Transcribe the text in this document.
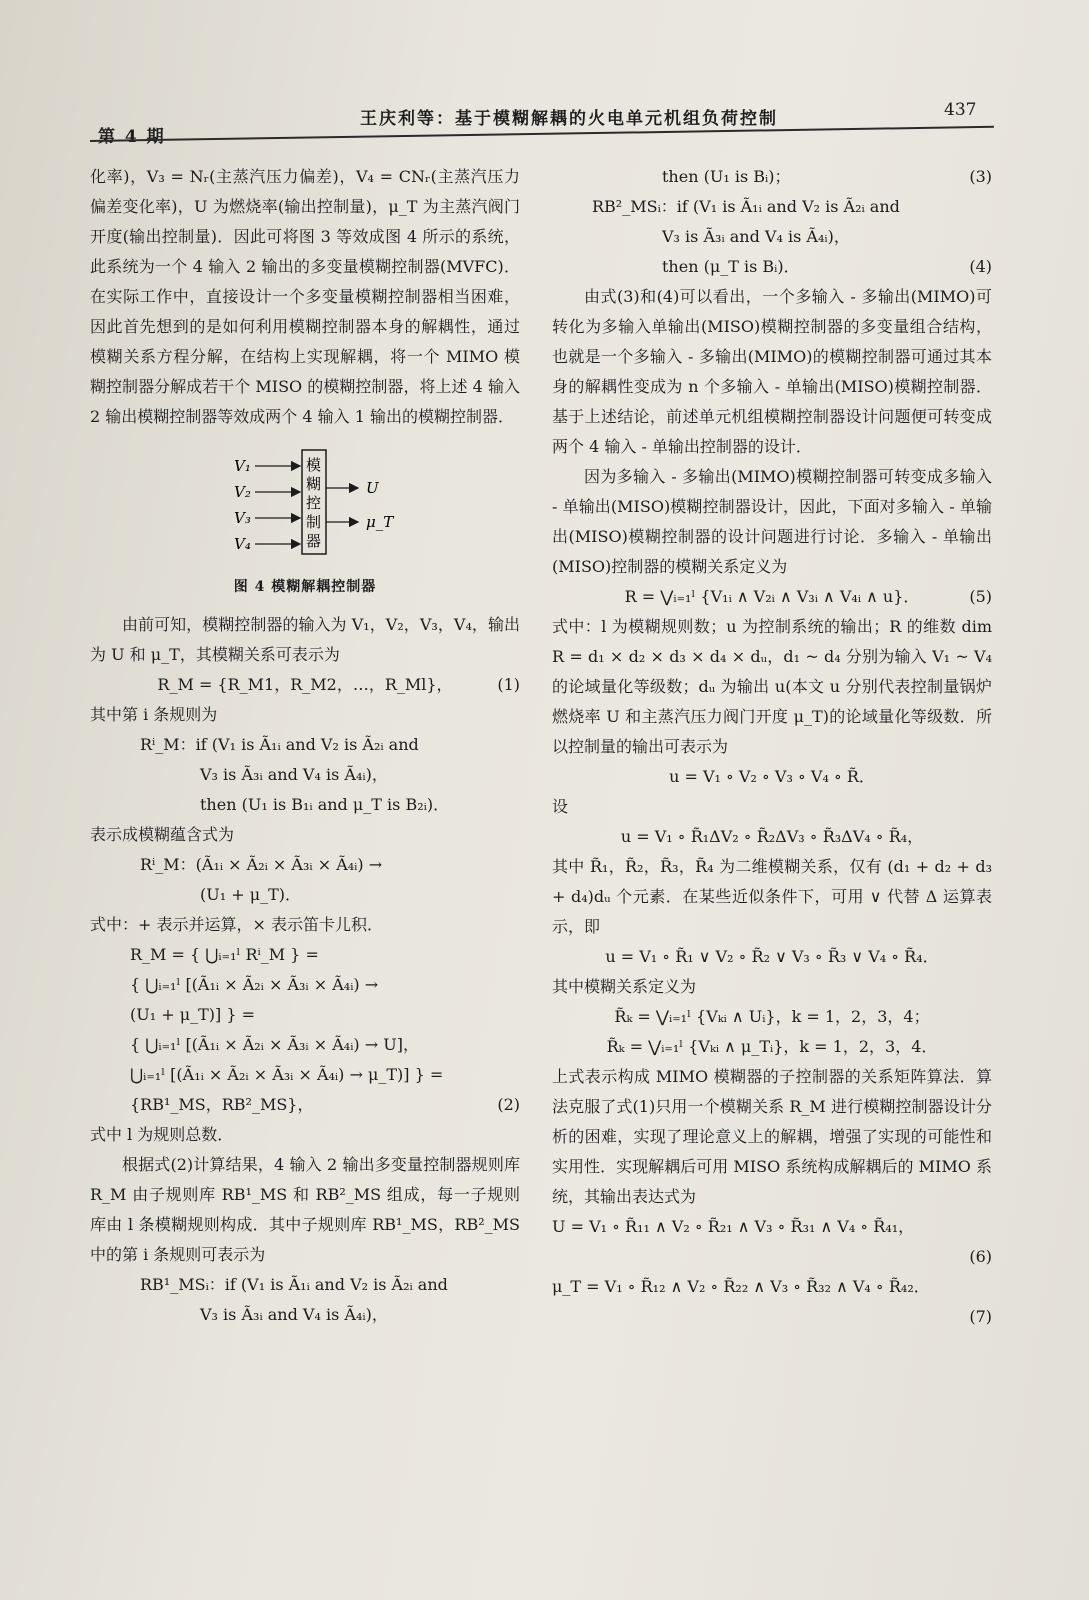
第 4 期
王庆利等：基于模糊解耦的火电单元机组负荷控制	437

化率)，V₃ = Nᵣ(主蒸汽压力偏差)，V₄ = CNᵣ(主蒸汽压力偏差变化率)，U 为燃烧率(输出控制量)，μ_T 为主蒸汽阀门开度(输出控制量)．因此可将图 3 等效成图 4 所示的系统，此系统为一个 4 输入 2 输出的多变量模糊控制器(MVFC)．在实际工作中，直接设计一个多变量模糊控制器相当困难，因此首先想到的是如何利用模糊控制器本身的解耦性，通过模糊关系方程分解，在结构上实现解耦，将一个 MIMO 模糊控制器分解成若干个 MISO 的模糊控制器，将上述 4 输入 2 输出模糊控制器等效成两个 4 输入 1 输出的模糊控制器．

V₁
V₂
V₃
V₄
模
糊
控
制
器
U
μ_T

图 4 模糊解耦控制器

由前可知，模糊控制器的输入为 V₁，V₂，V₃，V₄，输出为 U 和 μ_T，其模糊关系可表示为

R_M = {R_M1，R_M2，…，R_Ml}，	(1)

其中第 i 条规则为

Rⁱ_M：if (V₁ is Ã₁ᵢ and V₂ is Ã₂ᵢ and
V₃ is Ã₃ᵢ and V₄ is Ã₄ᵢ)，
then (U₁ is B₁ᵢ and μ_T is B₂ᵢ)．

表示成模糊蕴含式为

Rⁱ_M：(Ã₁ᵢ × Ã₂ᵢ × Ã₃ᵢ × Ã₄ᵢ) →
(U₁ + μ_T)．

式中：+ 表示并运算，× 表示笛卡儿积．

R_M = { ⋃ᵢ₌₁ˡ Rⁱ_M } =
{ ⋃ᵢ₌₁ˡ [(Ã₁ᵢ × Ã₂ᵢ × Ã₃ᵢ × Ã₄ᵢ) →
(U₁ + μ_T)] } =
{ ⋃ᵢ₌₁ˡ [(Ã₁ᵢ × Ã₂ᵢ × Ã₃ᵢ × Ã₄ᵢ) → U]，
⋃ᵢ₌₁ˡ [(Ã₁ᵢ × Ã₂ᵢ × Ã₃ᵢ × Ã₄ᵢ) → μ_T)] } =
{RB¹_MS，RB²_MS}，	(2)

式中 l 为规则总数．

根据式(2)计算结果，4 输入 2 输出多变量控制器规则库 R_M 由子规则库 RB¹_MS 和 RB²_MS 组成，每一子规则库由 l 条模糊规则构成．其中子规则库 RB¹_MS，RB²_MS 中的第 i 条规则可表示为

RB¹_MSᵢ：if (V₁ is Ã₁ᵢ and V₂ is Ã₂ᵢ and
V₃ is Ã₃ᵢ and V₄ is Ã₄ᵢ)，
then (U₁ is Bᵢ)；	(3)
RB²_MSᵢ：if (V₁ is Ã₁ᵢ and V₂ is Ã₂ᵢ and
V₃ is Ã₃ᵢ and V₄ is Ã₄ᵢ)，
then (μ_T is Bᵢ)．	(4)

由式(3)和(4)可以看出，一个多输入 - 多输出(MIMO)可转化为多输入单输出(MISO)模糊控制器的多变量组合结构，也就是一个多输入 - 多输出(MIMO)的模糊控制器可通过其本身的解耦性变成为 n 个多输入 - 单输出(MISO)模糊控制器．基于上述结论，前述单元机组模糊控制器设计问题便可转变成两个 4 输入 - 单输出控制器的设计．

因为多输入 - 多输出(MIMO)模糊控制器可转变成多输入 - 单输出(MISO)模糊控制器设计，因此，下面对多输入 - 单输出(MISO)模糊控制器的设计问题进行讨论．多输入 - 单输出(MISO)控制器的模糊关系定义为

R = ⋁ᵢ₌₁ˡ {V₁ᵢ ∧ V₂ᵢ ∧ V₃ᵢ ∧ V₄ᵢ ∧ u}．	(5)

式中：l 为模糊规则数；u 为控制系统的输出；R 的维数 dim R = d₁ × d₂ × d₃ × d₄ × dᵤ，d₁ ~ d₄ 分别为输入 V₁ ~ V₄ 的论域量化等级数；dᵤ 为输出 u(本文 u 分别代表控制量锅炉燃烧率 U 和主蒸汽压力阀门开度 μ_T)的论域量化等级数．所以控制量的输出可表示为

u = V₁ ∘ V₂ ∘ V₃ ∘ V₄ ∘ R̃．

设

u = V₁ ∘ R̃₁ΔV₂ ∘ R̃₂ΔV₃ ∘ R̃₃ΔV₄ ∘ R̃₄，

其中 R̃₁，R̃₂，R̃₃，R̃₄ 为二维模糊关系，仅有 (d₁ + d₂ + d₃ + d₄)dᵤ 个元素．在某些近似条件下，可用 ∨ 代替 Δ 运算表示，即

u = V₁ ∘ R̃₁ ∨ V₂ ∘ R̃₂ ∨ V₃ ∘ R̃₃ ∨ V₄ ∘ R̃₄．

其中模糊关系定义为

R̃ₖ = ⋁ᵢ₌₁ˡ {Vₖᵢ ∧ Uᵢ}，k = 1，2，3，4；
R̃ₖ = ⋁ᵢ₌₁ˡ {Vₖᵢ ∧ μ_Tᵢ}，k = 1，2，3，4．

上式表示构成 MIMO 模糊器的子控制器的关系矩阵算法．算法克服了式(1)只用一个模糊关系 R_M 进行模糊控制器设计分析的困难，实现了理论意义上的解耦，增强了实现的可能性和实用性．实现解耦后可用 MISO 系统构成解耦后的 MIMO 系统，其输出表达式为

U = V₁ ∘ R̃₁₁ ∧ V₂ ∘ R̃₂₁ ∧ V₃ ∘ R̃₃₁ ∧ V₄ ∘ R̃₄₁，
(6)
μ_T = V₁ ∘ R̃₁₂ ∧ V₂ ∘ R̃₂₂ ∧ V₃ ∘ R̃₃₂ ∧ V₄ ∘ R̃₄₂．
(7)
